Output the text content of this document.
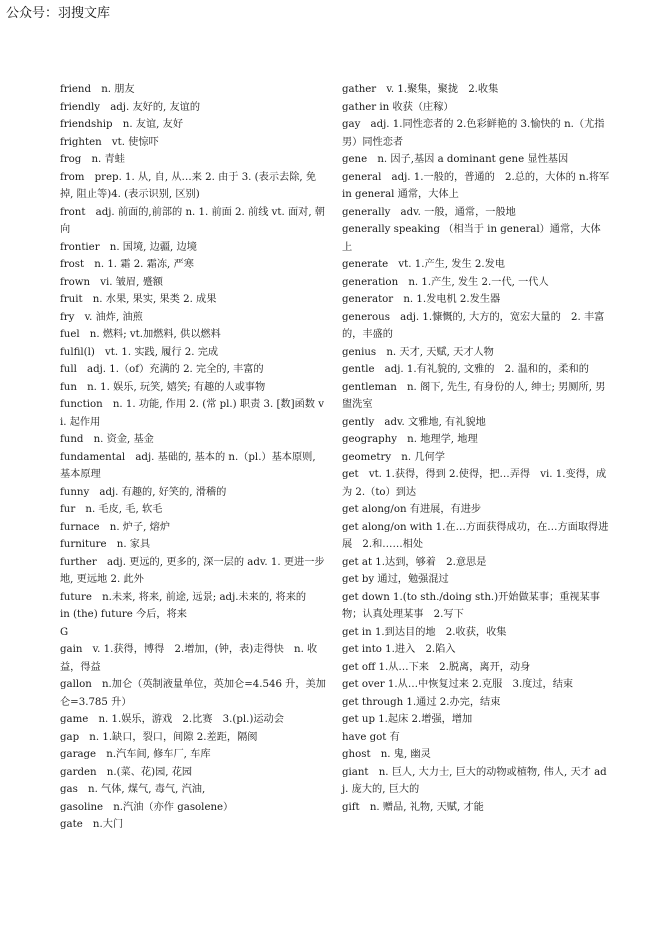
公众号：羽搜文库

friend　n. 朋友

friendly　adj. 友好的, 友谊的

friendship　n. 友谊, 友好

frighten　vt. 使惊吓

frog　n. 青蛙

from　prep. 1. 从, 自, 从…来 2. 由于 3. (表示去除, 免掉, 阻止等)4. (表示识别, 区别)

front　adj. 前面的,前部的 n. 1. 前面 2. 前线 vt. 面对, 朝向

frontier　n. 国境, 边疆, 边境

frost　n. 1. 霜 2. 霜冻, 严寒

frown　vi. 皱眉, 蹙额

fruit　n. 水果, 果实, 果类 2. 成果

fry　v. 油炸, 油煎

fuel　n. 燃料; vt.加燃料, 供以燃料

fulfil(l)　vt. 1. 实践, 履行 2. 完成

full　adj. 1.（of）充满的 2. 完全的, 丰富的

fun　n. 1. 娱乐, 玩笑, 嬉笑; 有趣的人或事物

function　n. 1. 功能, 作用 2. (常 pl.) 职责 3. [数]函数 vi. 起作用

fund　n. 资金, 基金

fundamental　adj. 基础的, 基本的 n.（pl.）基本原则, 基本原理

funny　adj. 有趣的, 好笑的, 滑稽的

fur　n. 毛皮, 毛, 软毛

furnace　n. 炉子, 熔炉

furniture　n. 家具

further　adj. 更远的, 更多的, 深一层的 adv. 1. 更进一步地, 更远地 2. 此外

future　n.未来, 将来, 前途, 远景; adj.未来的, 将来的

in (the) future 今后，将来

G

gain　v. 1.获得，博得　2.增加，(钟，表)走得快　n. 收益，得益

gallon　n.加仑（英制液量单位，英加仑=4.546 升，美加仑=3.785 升）

game　n. 1.娱乐，游戏　2.比赛　3.(pl.)运动会

gap　n. 1.缺口，裂口，间隙 2.差距，隔阂

garage　n.汽车间, 修车厂, 车库

garden　n.(菜、花)园, 花园

gas　n. 气体, 煤气, 毒气, 汽油,

gasoline　n.汽油（亦作 gasolene）

gate　n.大门

gather　v. 1.聚集，聚拢　2.收集

gather in 收获（庄稼）

gay　adj. 1.同性恋者的 2.色彩鲜艳的 3.愉快的 n.（尤指男）同性恋者

gene　n. 因子,基因 a dominant gene 显性基因

general　adj. 1.一般的，普通的　2.总的，大体的 n.将军

in general 通常，大体上

generally　adv. 一般，通常，一般地

generally speaking （相当于 in general）通常，大体上

generate　vt. 1.产生, 发生 2.发电

generation　n. 1.产生, 发生 2.一代, 一代人

generator　n. 1.发电机 2.发生器

generous　adj. 1.慷慨的, 大方的，宽宏大量的　2. 丰富的，丰盛的

genius　n. 天才, 天赋, 天才人物

gentle　adj. 1.有礼貌的, 文雅的　2. 温和的，柔和的

gentleman　n. 阁下, 先生, 有身份的人, 绅士; 男厕所, 男盥洗室

gently　adv. 文雅地, 有礼貌地

geography　n. 地理学, 地理

geometry　n. 几何学

get　vt. 1.获得，得到 2.使得，把…弄得　vi. 1.变得，成为 2.（to）到达

get along/on 有进展，有进步

get along/on with 1.在…方面获得成功，在…方面取得进展　2.和……相处

get at 1.达到，够着　2.意思是

get by 通过，勉强混过

get down 1.(to sth./doing sth.)开始做某事；重视某事物；认真处理某事　2.写下

get in 1.到达目的地　2.收获，收集

get into 1.进入　2.陷入

get off 1.从…下来　2.脱离，离开，动身

get over 1.从…中恢复过来 2.克服　3.度过，结束

get through 1.通过 2.办完，结束

get up 1.起床 2.增强，增加

have got 有

ghost　n. 鬼, 幽灵

giant　n. 巨人, 大力士, 巨大的动物或植物, 伟人, 天才 adj. 庞大的, 巨大的

gift　n. 赠品, 礼物, 天赋, 才能
